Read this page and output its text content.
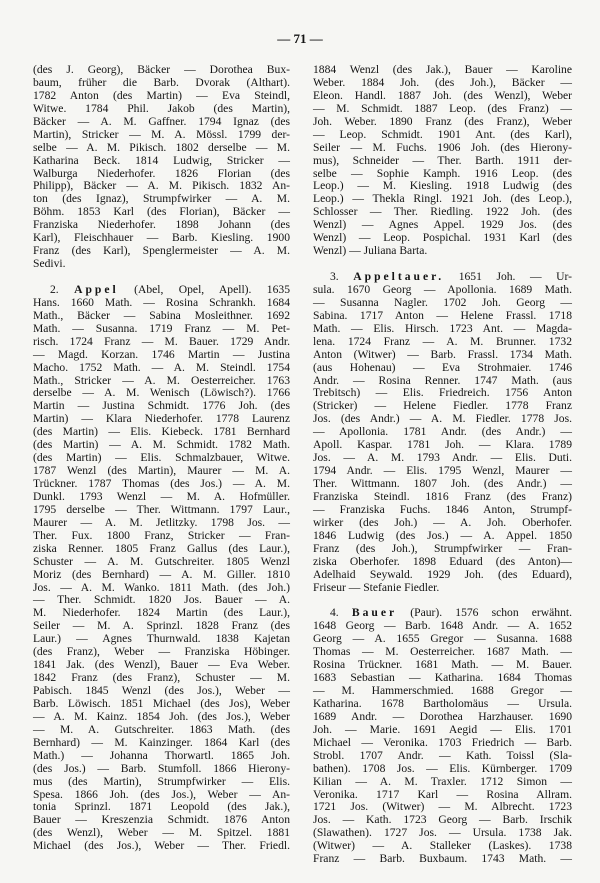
— 71 —
(des J. Georg), Bäcker — Dorothea Bux-
baum, früher die Barb. Dvorak (Althart).
1782 Anton (des Martin) — Eva Steindl,
Witwe. 1784 Phil. Jakob (des Martin),
Bäcker — A. M. Gaffner. 1794 Ignaz (des
Martin), Stricker — M. A. Mössl. 1799 der-
selbe — A. M. Pikisch. 1802 derselbe — M.
Katharina Beck. 1814 Ludwig, Stricker —
Walburga Niederhofer. 1826 Florian (des
Philipp), Bäcker — A. M. Pikisch. 1832 An-
ton (des Ignaz), Strumpfwirker — A. M.
Böhm. 1853 Karl (des Florian), Bäcker —
Franziska Niederhofer. 1898 Johann (des
Karl), Fleischhauer — Barb. Kiesling. 1900
Franz (des Karl), Spenglermeister — A. M.
Sedivi.
2. Appel (Abel, Opel, Apell). 1635
Hans. 1660 Math. — Rosina Schrankh. 1684
Math., Bäcker — Sabina Mosleithner. 1692
Math. — Susanna. 1719 Franz — M. Pet-
risch. 1724 Franz — M. Bauer. 1729 Andr.
— Magd. Korzan. 1746 Martin — Justina
Macho. 1752 Math. — A. M. Steindl. 1754
Math., Stricker — A. M. Oesterreicher. 1763
derselbe — A. M. Wenisch (Löwisch?). 1766
Martin — Justina Schmidt. 1776 Joh. (des
Martin) — Klara Niederhofer. 1778 Laurenz
(des Martin) — Elis. Kiebeck. 1781 Bernhard
(des Martin) — A. M. Schmidt. 1782 Math.
(des Martin) — Elis. Schmalzbauer, Witwe.
1787 Wenzl (des Martin), Maurer — M. A.
Trückner. 1787 Thomas (des Jos.) — A. M.
Dunkl. 1793 Wenzl — M. A. Hofmüller.
1795 derselbe — Ther. Wittmann. 1797 Laur.,
Maurer — A. M. Jetlitzky. 1798 Jos. —
Ther. Fux. 1800 Franz, Stricker — Fran-
ziska Renner. 1805 Franz Gallus (des Laur.),
Schuster — A. M. Gutschreiter. 1805 Wenzl
Moriz (des Bernhard) — A. M. Giller. 1810
Jos. — A. M. Wanko. 1811 Math. (des Joh.)
— Ther. Schmidt. 1820 Jos. Bauer — A.
M. Niederhofer. 1824 Martin (des Laur.),
Seiler — M. A. Sprinzl. 1828 Franz (des
Laur.) — Agnes Thurnwald. 1838 Kajetan
(des Franz), Weber — Franziska Höbinger.
1841 Jak. (des Wenzl), Bauer — Eva Weber.
1842 Franz (des Franz), Schuster — M.
Pabisch. 1845 Wenzl (des Jos.), Weber —
Barb. Löwisch. 1851 Michael (des Jos), Weber
— A. M. Kainz. 1854 Joh. (des Jos.), Weber
— M. A. Gutschreiter. 1863 Math. (des
Bernhard) — M. Kainzinger. 1864 Karl (des
Math.) — Johanna Thorwartl. 1865 Joh.
(des Jos.) — Barb. Stumfoll. 1866 Hierony-
mus (des Martin), Strumpfwirker — Elis.
Spesa. 1866 Joh. (des Jos.), Weber — An-
tonia Sprinzl. 1871 Leopold (des Jak.),
Bauer — Kreszenzia Schmidt. 1876 Anton
(des Wenzl), Weber — M. Spitzel. 1881
Michael (des Jos.), Weber — Ther. Friedl.
1884 Wenzl (des Jak.), Bauer — Karoline
Weber. 1884 Joh. (des Joh.), Bäcker —
Eleon. Handl. 1887 Joh. (des Wenzl), Weber
— M. Schmidt. 1887 Leop. (des Franz) —
Joh. Weber. 1890 Franz (des Franz), Weber
— Leop. Schmidt. 1901 Ant. (des Karl),
Seiler — M. Fuchs. 1906 Joh. (des Hierony-
mus), Schneider — Ther. Barth. 1911 der-
selbe — Sophie Kamph. 1916 Leop. (des
Leop.) — M. Kiesling. 1918 Ludwig (des
Leop.) — Thekla Ringl. 1921 Joh. (des Leop.),
Schlosser — Ther. Riedling. 1922 Joh. (des
Wenzl) — Agnes Appel. 1929 Jos. (des
Wenzl) — Leop. Pospichal. 1931 Karl (des
Wenzl) — Juliana Barta.
3. Appeltauer. 1651 Joh. — Ur-
sula. 1670 Georg — Apollonia. 1689 Math.
— Susanna Nagler. 1702 Joh. Georg —
Sabina. 1717 Anton — Helene Frassl. 1718
Math. — Elis. Hirsch. 1723 Ant. — Magda-
lena. 1724 Franz — A. M. Brunner. 1732
Anton (Witwer) — Barb. Frassl. 1734 Math.
(aus Hohenau) — Eva Strohmaier. 1746
Andr. — Rosina Renner. 1747 Math. (aus
Trebitsch) — Elis. Friedreich. 1756 Anton
(Stricker) — Helene Fiedler. 1778 Franz
Jos. (des Andr.) — A. M. Fiedler. 1778 Jos.
— Apollonia. 1781 Andr. (des Andr.) —
Apoll. Kaspar. 1781 Joh. — Klara. 1789
Jos. — A. M. 1793 Andr. — Elis. Duti.
1794 Andr. — Elis. 1795 Wenzl, Maurer —
Ther. Wittmann. 1807 Joh. (des Andr.) —
Franziska Steindl. 1816 Franz (des Franz)
— Franziska Fuchs. 1846 Anton, Strumpf-
wirker (des Joh.) — A. Joh. Oberhofer.
1846 Ludwig (des Jos.) — A. Appel. 1850
Franz (des Joh.), Strumpfwirker — Fran-
ziska Oberhofer. 1898 Eduard (des Anton)—
Adelhaid Seywald. 1929 Joh. (des Eduard),
Friseur — Stefanie Fiedler.
4. Bauer (Paur). 1576 schon erwähnt.
1648 Georg — Barb. 1648 Andr. — A. 1652
Georg — A. 1655 Gregor — Susanna. 1688
Thomas — M. Oesterreicher. 1687 Math. —
Rosina Trückner. 1681 Math. — M. Bauer.
1683 Sebastian — Katharina. 1684 Thomas
— M. Hammerschmied. 1688 Gregor —
Katharina. 1678 Bartholomäus — Ursula.
1689 Andr. — Dorothea Harzhauser. 1690
Joh. — Marie. 1691 Aegid — Elis. 1701
Michael — Veronika. 1703 Friedrich — Barb.
Strobl. 1707 Andr. — Kath. Toissl (Sla-
bathen). 1708 Jos. — Elis. Kürnberger. 1709
Kilian — A. M. Traxler. 1712 Simon —
Veronika. 1717 Karl — Rosina Allram.
1721 Jos. (Witwer) — M. Albrecht. 1723
Jos. — Kath. 1723 Georg — Barb. Irschik
(Slawathen). 1727 Jos. — Ursula. 1738 Jak.
(Witwer) — A. Stalleker (Laskes). 1738
Franz — Barb. Buxbaum. 1743 Math. —
